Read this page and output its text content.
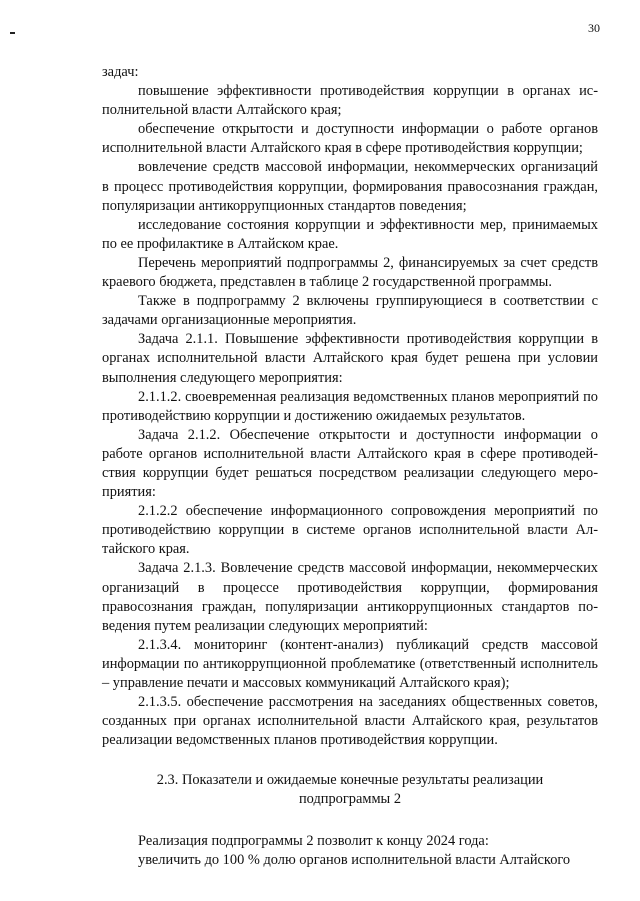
30

задач:

повышение эффективности противодействия коррупции в органах исполнительной власти Алтайского края;

обеспечение открытости и доступности информации о работе органов исполнительной власти Алтайского края в сфере противодействия коррупции;

вовлечение средств массовой информации, некоммерческих организаций в процесс противодействия коррупции, формирования правосознания граждан, популяризации антикоррупционных стандартов поведения;

исследование состояния коррупции и эффективности мер, принимаемых по ее профилактике в Алтайском крае.

Перечень мероприятий подпрограммы 2, финансируемых за счет средств краевого бюджета, представлен в таблице 2 государственной программы.

Также в подпрограмму 2 включены группирующиеся в соответствии с задачами организационные мероприятия.

Задача 2.1.1. Повышение эффективности противодействия коррупции в органах исполнительной власти Алтайского края будет решена при условии выполнения следующего мероприятия:

2.1.1.2. своевременная реализация ведомственных планов мероприятий по противодействию коррупции и достижению ожидаемых результатов.

Задача 2.1.2. Обеспечение открытости и доступности информации о работе органов исполнительной власти Алтайского края в сфере противодействия коррупции будет решаться посредством реализации следующего мероприятия:

2.1.2.2 обеспечение информационного сопровождения мероприятий по противодействию коррупции в системе органов исполнительной власти Алтайского края.

Задача 2.1.3. Вовлечение средств массовой информации, некоммерческих организаций в процессе противодействия коррупции, формирования правосознания граждан, популяризации антикоррупционных стандартов поведения путем реализации следующих мероприятий:

2.1.3.4. мониторинг (контент-анализ) публикаций средств массовой информации по антикоррупционной проблематике (ответственный исполнитель – управление печати и массовых коммуникаций Алтайского края);

2.1.3.5. обеспечение рассмотрения на заседаниях общественных советов, созданных при органах исполнительной власти Алтайского края, результатов реализации ведомственных планов противодействия коррупции.

2.3. Показатели и ожидаемые конечные результаты реализации
подпрограммы 2

Реализация подпрограммы 2 позволит к концу 2024 года:

увеличить до 100 % долю органов исполнительной власти Алтайского
